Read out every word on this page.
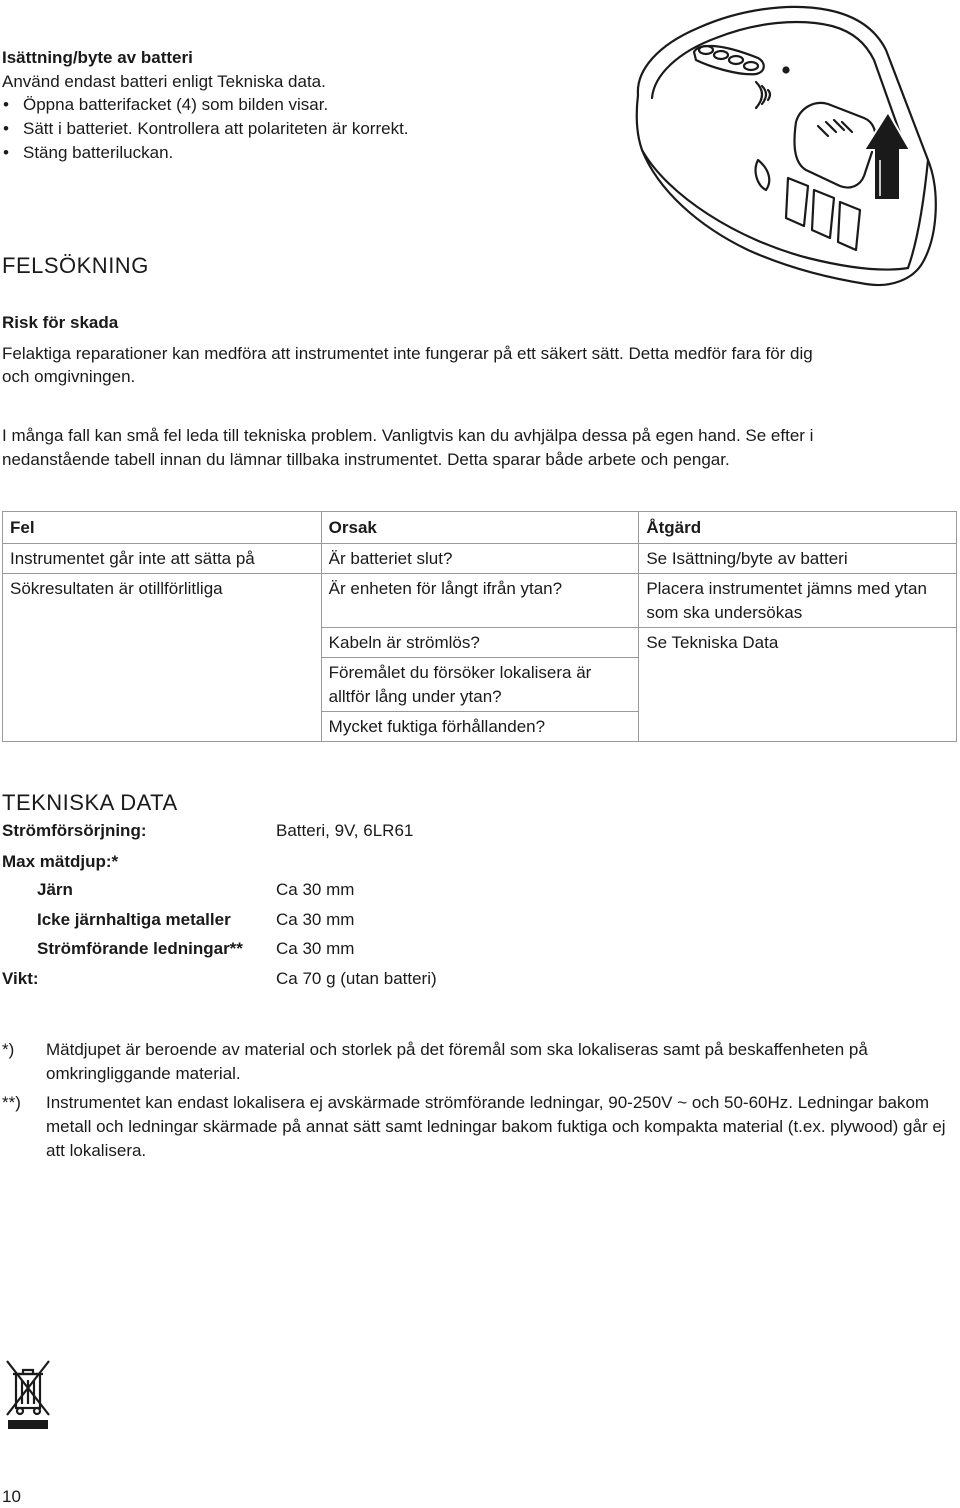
Isättning/byte av batteri
Använd endast batteri enligt Tekniska data.
• Öppna batterifacket (4) som bilden visar.
• Sätt i batteriet. Kontrollera att polariteten är korrekt.
• Stäng batteriluckan.
FELSÖKNING
Risk för skada
Felaktiga reparationer kan medföra att instrumentet inte fungerar på ett säkert sätt. Detta medför fara för dig
och omgivningen.
I många fall kan små fel leda till tekniska problem. Vanligtvis kan du avhjälpa dessa på egen hand. Se efter i
nedanstående tabell innan du lämnar tillbaka instrumentet. Detta sparar både arbete och pengar.
Fel	Orsak	Åtgärd
Instrumentet går inte att sätta på	Är batteriet slut?	Se Isättning/byte av batteri
Sökresultaten är otillförlitliga	Är enheten för långt ifrån ytan?	Placera instrumentet jämns med ytan som ska undersökas
	Kabeln är strömlös?	Se Tekniska Data
	Föremålet du försöker lokalisera är alltför lång under ytan?	
	Mycket fuktiga förhållanden?	
TEKNISKA DATA
Strömförsörjning:	Batteri, 9V, 6LR61
Max mätdjup:*
Järn	Ca 30 mm
Icke järnhaltiga metaller	Ca 30 mm
Strömförande ledningar** Ca 30 mm
Vikt:	Ca 70 g (utan batteri)
*) Mätdjupet är beroende av material och storlek på det föremål som ska lokaliseras samt på beskaffenheten på omkringliggande material.
**) Instrumentet kan endast lokalisera ej avskärmade strömförande ledningar, 90-250V ~ och 50-60Hz. Ledningar bakom metall och ledningar skärmade på annat sätt samt ledningar bakom fuktiga och kompakta material (t.ex. plywood) går ej att lokalisera.
10
